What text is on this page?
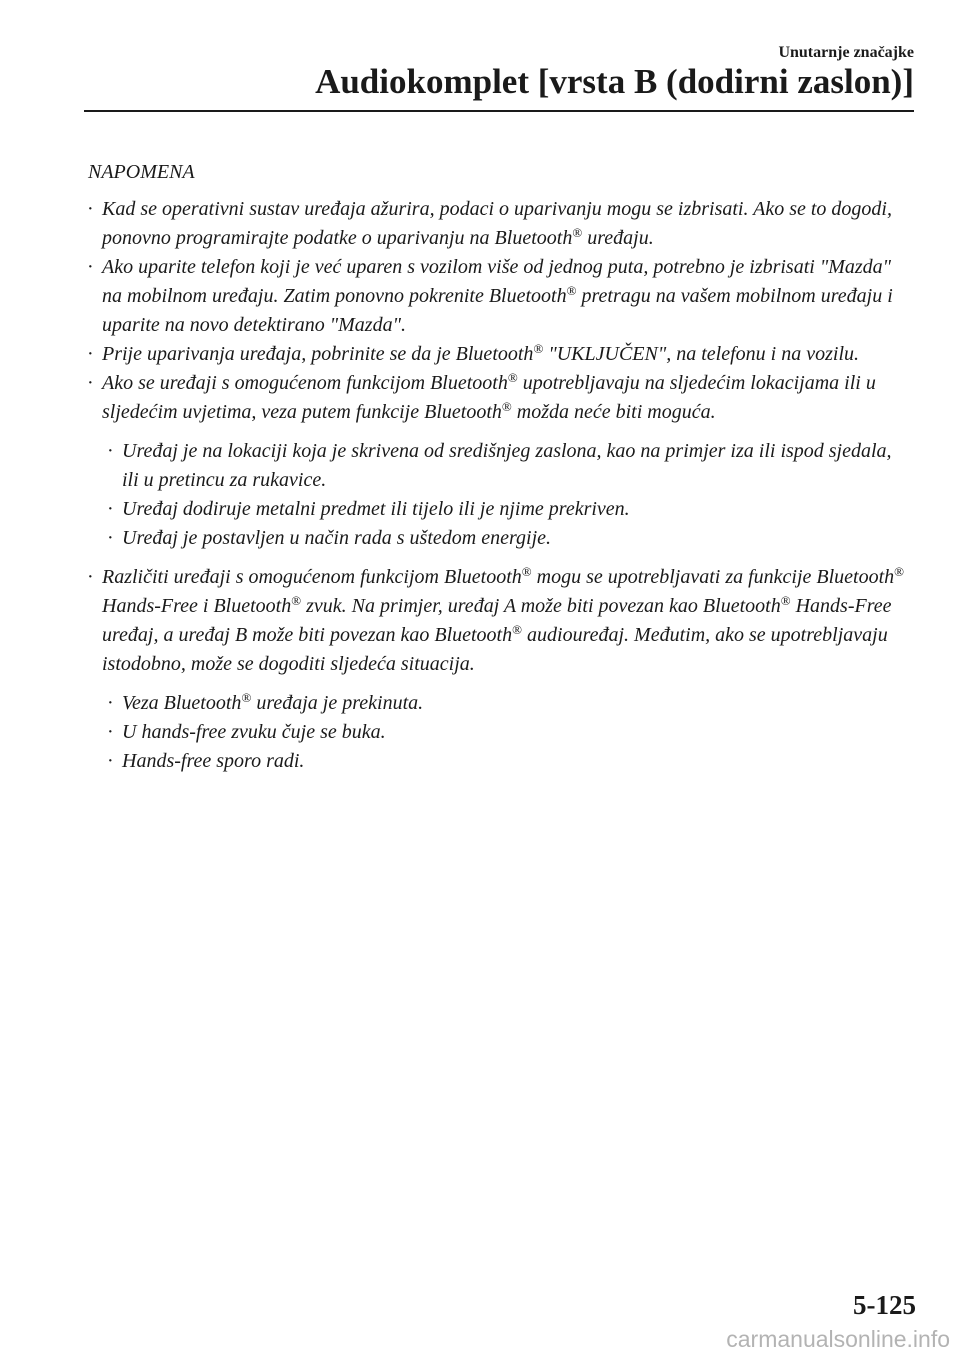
Unutarnje značajke

Audiokomplet [vrsta B (dodirni zaslon)]
NAPOMENA
· Kad se operativni sustav uređaja ažurira, podaci o uparivanju mogu se izbrisati. Ako se to dogodi, ponovno programirajte podatke o uparivanju na Bluetooth® uređaju.
· Ako uparite telefon koji je već uparen s vozilom više od jednog puta, potrebno je izbrisati "Mazda" na mobilnom uređaju. Zatim ponovno pokrenite Bluetooth® pretragu na vašem mobilnom uređaju i uparite na novo detektirano "Mazda".
· Prije uparivanja uređaja, pobrinite se da je Bluetooth® "UKLJUČEN", na telefonu i na vozilu.
· Ako se uređaji s omogućenom funkcijom Bluetooth® upotrebljavaju na sljedećim lokacijama ili u sljedećim uvjetima, veza putem funkcije Bluetooth® možda neće biti moguća.
· Uređaj je na lokaciji koja je skrivena od središnjeg zaslona, kao na primjer iza ili ispod sjedala, ili u pretincu za rukavice.
· Uređaj dodiruje metalni predmet ili tijelo ili je njime prekriven.
· Uređaj je postavljen u način rada s uštedom energije.
· Različiti uređaji s omogućenom funkcijom Bluetooth® mogu se upotrebljavati za funkcije Bluetooth® Hands-Free i Bluetooth® zvuk. Na primjer, uređaj A može biti povezan kao Bluetooth® Hands-Free uređaj, a uređaj B može biti povezan kao Bluetooth® audiouređaj. Međutim, ako se upotrebljavaju istodobno, može se dogoditi sljedeća situacija.
· Veza Bluetooth® uređaja je prekinuta.
· U hands-free zvuku čuje se buka.
· Hands-free sporo radi.

5-125

carmanualsonline.info
